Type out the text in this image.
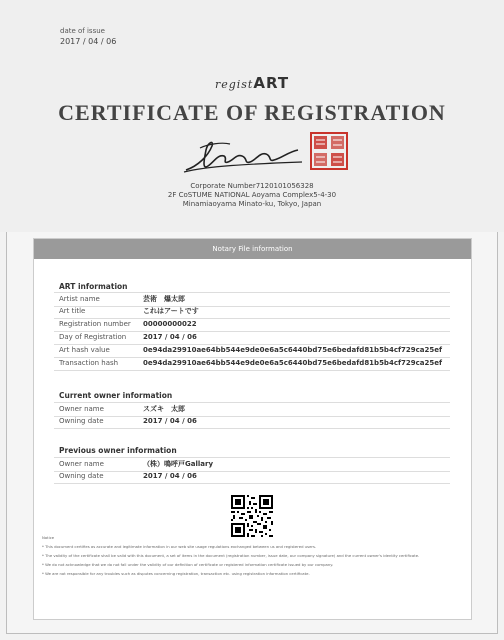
date of issue
2017 / 04 / 06
registART
CERTIFICATE OF REGISTRATION
Corporate Number7120101056328
2F CoSTUME NATIONAL Aoyama Complex5-4-30
Minamiaoyama Minato-ku, Tokyo, Japan
Notary File information
ART information
Artist name	芸術　爆太郎
Art title	これはアートです
Registration number 00000000022
Day of Registration 2017 / 04 / 06
Art hash value	0e94da29910ae64bb544e9de0e6a5c6440bd75e6bedafd81b5b4cf729ca25ef
Transaction hash	0e94da29910ae64bb544e9de0e6a5c6440bd75e6bedafd81b5b4cf729ca25ef
Current owner information
Owner name	スズキ　太郎
Owning date	2017 / 04 / 06
Previous owner information
Owner name	（株）鳴呼戸Gallary
Owning date	2017 / 04 / 06
Notice
* This document certifies as accurate and legitimate information in our web site usage regulations exchanged between us and registered users.
* The validity of the certificate shall be valid with this document, a set of items in the document (registration number, issue date, our company signature) and the current owner's identity certificate.
* We do not acknowledge that we do not fall under the validity of our definition of certificate or registered information certificate issued by our company.
* We are not responsible for any troubles such as disputes concerning registration, transaction etc. using registration information certificate.
